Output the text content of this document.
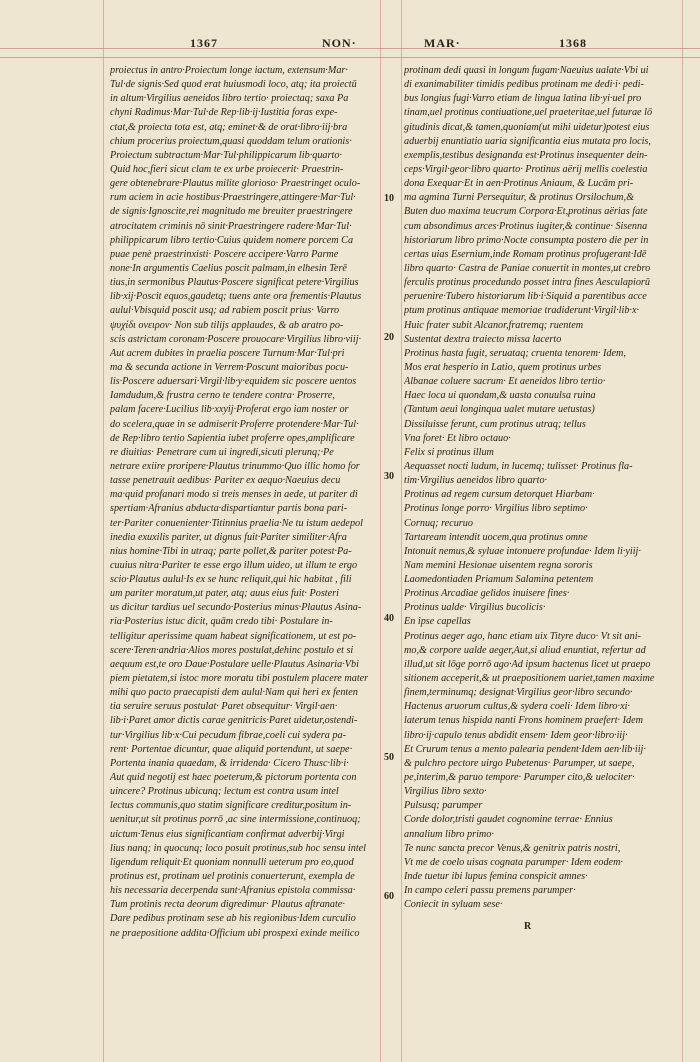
1367	NON·	MAR·	1368
proiectus in antro·Proiectum longe iactum, extensum·Mar·
Tul·de signis·Sed quod erat huiusmodi loco, atq; ita proiectū
in altum·Virgilius aeneidos libro tertio· proiectaq; saxa Pa
chyni Radimus·Mar·Tul·de Rep·lib·ij·Iustitia foras expe-
ctat,& proiecta tota est, atq; eminet·& de orat·libro·iij·bra
chium procerius proiectum,quasi quoddam telum orationis·
Proiectum subtractum·Mar·Tul·philippicarum lib·quarto·
Quid hoc,fieri sicut clam te ex urbe proiecerit· Praestrin-
gere obtenebrare·Plautus milite glorioso· Praestringet oculo-
rum aciem in acie hostibus·Praestringere,attingere·Mar·Tul·
de signis·Ignoscite,rei magnitudo me breuiter praestringere
atrocitatem criminis nō sinit·Praestringere radere·Mar·Tul·
philippicarum libro tertio·Cuius quidem nomere porcem Ca
puae penè praestrinxisti· Poscere accipere·Varro Parme
none·In argumentis Caelius poscit palmam,in elhesin Terē
tius,in sermonibus Plautus·Poscere significat petere·Virgilius
lib·xij·Poscit equos,gaudetq; tuens ante ora frementis·Plautus
aulul·Vbisquid poscit usq; ad rabiem poscit prius· Varro
ψυχίδι ονειρον· Non sub tilijs applaudes, & ab aratro po-
scis astrictam coronam·Poscere prouocare·Virgilius libro·viij·
Aut acrem dubites in praelia poscere Turnum·Mar·Tul·pri
ma & secunda actione in Verrem·Poscunt maioribus pocu-
lis·Poscere aduersari·Virgil·lib·y·equidem sic poscere uentos
Iamdudum,& frustra cerno te tendere contra· Proserre,
palam facere·Lucilius lib·xxyij·Proferat ergo iam noster or
do scelera,quae in se admiserit·Proferre protendere·Mar·Tul·
de Rep·libro tertio Sapientia iubet proferre opes,amplificare
re diuitias· Penetrare cum ui ingredi,sicuti plerunq;·Pe
netrare exiire proripere·Plautus trinummo·Quo illic homo for
tasse penetrauit aedibus· Pariter ex aequo·Naeuius decu
ma·quid profanari modo si treis menses in aede, ut pariter di
spertiam·Afranius abducta·dispartiantur partis bona pari-
ter·Pariter conuenienter·Titinnius praelia·Ne tu istum aedepol
inedia exuxilis pariter, ut dignus fuit·Pariter similiter·Afra
nius homine·Tibi in utraq; parte pollet,& pariter potest·Pa-
cuuius nitra·Pariter te esse ergo illum uideo, ut illum te ergo
scio·Plautus aulul·Is ex se hunc reliquit,qui hic habitat , fili
um pariter moratum,ut pater, atq; auus eius fuit· Posteri
us dicitur tardius uel secundo·Posterius minus·Plautus Asina-
ria·Posterius istuc dicit, quām credo tibi· Postulare in-
telligitur aperissime quam habeat significationem, ut est po-
scere·Teren·andria·Alios mores postulat,dehinc postulo et si
aequum est,te oro Daue·Postulare uelle·Plautus Asinaria·Vbi
piem pietatem,si istoc more moratu tibi postulem placere mater
mihi quo pacto praecapisti dem aulul·Nam qui heri ex fenten
tia seruire seruus postulat· Paret obsequitur· Virgil·aen·
lib·i·Paret amor dictis carae genitricis·Paret uidetur,ostendi-
tur·Virgilius lib·x·Cui pecudum fibrae,coeli cui sydera pa-
rent· Portentae dicuntur, quae aliquid portendunt, ut saepe·
Portenta inania quaedam, & irridenda· Cicero Thusc·lib·i·
Aut quid negotij est haec poeterum,& pictorum portenta con
uincere? Protinus ubicunq; lectum est contra usum intel
lectus communis,quo statim significare creditur,positum in-
uenitur,ut sit protinus porrō ,ac sine intermissione,continuoq;
uictum·Tenus eius significantiam confirmat adverbij·Virgi
lius nanq; in quocunq; loco posuit protinus,sub hoc sensu intel
ligendum reliquit·Et quoniam nonnulli ueterum pro eo,quod
protinus est, protinam uel protinis conuerterunt, exempla de
his necessaria decerpenda sunt·Afranius epistola commissa·
Tum protinis recta deorum digredimur· Plautus aftranate·
Dare pedibus protinam sese ab his regionibus·Idem curculio
ne praepositione addita·Officium ubi prospexi exinde meilico
protinam dedi quasi in longum fugam·Naeuius ualate·Vbi ui
di exanimabiliter timidis pedibus protinam me dedi·i· pedi-
bus longius fugi·Varro etiam de lingua latina lib·yi·uel pro
tinam,uel protinus contiuatione,uel praeteritae,uel futurae lō
gitudinis dicat,& tamen,quoniam(ut mihi uidetur)potest eius
aduerbij enuntiatio uaria significantia eius mutata pro locis,
exemplis,testibus designanda est·Protinus insequenter dein-
ceps·Virgil·geor·libro quarto· Protinus aërij mellis coelestia
dona Exequar·Et in aen·Protinus Aniaum, & Lucām pri-
ma agmina Turni Persequitur, & protinus Orsilochum,&
Buten duo maxima teucrum Corpora·Et,protinus aërias fate
cum absondimus arces·Protinus iugiter,& continue· Sisenna
historiarum libro primo·Nocte consumpta postero die per in
certas uias Esernium,inde Romam protinus profugerant·Idē
libro quarto· Castra de Paniae conuertit in montes,ut crebro
ferculis protinus procedundo posset intra fines Aesculapiorū
peruenire·Tubero historiarum lib·i·Siquid a parentibus acce
ptum protinus antiquae memoriae tradiderunt·Virgil·lib·x·
Huic frater subit Alcanor,fratremq; ruentem
Sustentat dextra traiecto missa lacerto
Protinus hasta fugit, seruataq; cruenta tenorem· Idem,
Mos erat hesperio in Latio, quem protinus urbes
Albanae coluere sacrum· Et aeneidos libro tertio·
Haec loca ui quondam,& uasta conuulsa ruina
(Tantum aeui longinqua ualet mutare uetustas)
Dissiluisse ferunt, cum protinus utraq; tellus
Vna foret· Et libro octauo·
Felix si protinus illum
Aequasset nocti ludum, in lucemq; tulisset· Protinus fla-
tim·Virgilius aeneidos libro quarto·
Protinus ad regem cursum detorquet Hiarbam·
Protinus longe porro· Virgilius libro septimo·
Cornuq; recuruo
Tartaream intendit uocem,qua protinus omne
Intonuit nemus,& syluae intonuere profundae· Idem li·yiij·
Nam memini Hesionae uisentem regna sororis
Laomedontiaden Priamum Salamina petentem
Protinus Arcadiae gelidos inuisere fines·
Protinus ualde· Virgilius bucolicis·
En ipse capellas
Protinus aeger ago, hanc etiam uix Tityre duco· Vt sit ani-
mo,& corpore ualde aeger,Aut,si aliud enuntiat, refertur ad
illud,ut sit lōge porrō ago·Ad ipsum hactenus licet ut praepo
sitionem acceperit,& ut praepositionem uariet,tamen maxime
finem,terminumq; designat·Virgilius geor·libro secundo·
Hactenus aruorum cultus,& sydera coeli· Idem libro·xi·
laterum tenus hispida nanti Frons hominem praefert· Idem
libro·ij·capulo tenus abdidit ensem· Idem geor·libro·iij·
Et Crurum tenus a mento palearia pendent·Idem aen·lib·iij·
& pulchro pectore uirgo Pubetenus· Parumper, ut saepe,
pe,interim,& paruo tempore· Parumper cito,& uelociter·
Virgilius libro sexto·
Pulsusq; parumper
Corde dolor,tristi gaudet cognomine terrae· Ennius
annalium libro primo·
Te nunc sancta precor Venus,& genitrix patris nostri,
Vt me de coelo uisas cognata parumper· Idem eodem·
Inde tuetur ibi lupus femina conspicit amnes·
In campo celeri passu premens parumper·
Coniecit in syluam sese·
10
20
30
40
50
60
R
